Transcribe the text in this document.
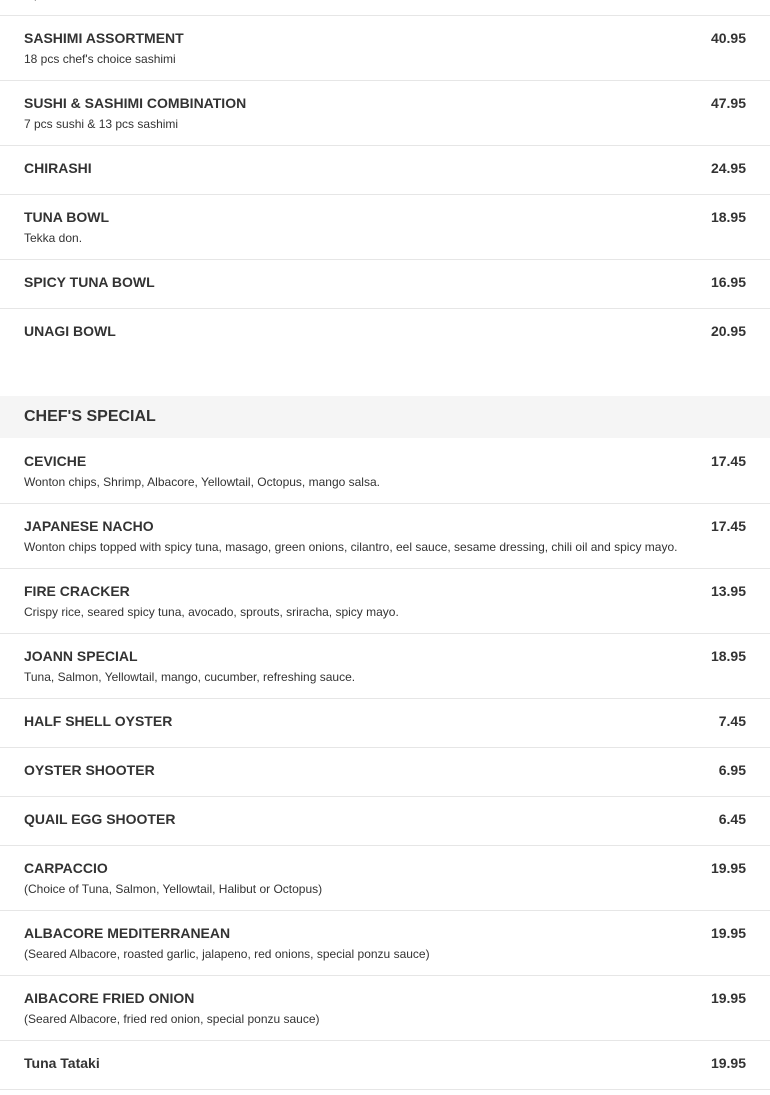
SASHIMI ASSORTMENT	40.95
18 pcs chef's choice sashimi
SUSHI & SASHIMI COMBINATION	47.95
7 pcs sushi & 13 pcs sashimi
CHIRASHI	24.95
TUNA BOWL	18.95
Tekka don.
SPICY TUNA BOWL	16.95
UNAGI BOWL	20.95
CHEF'S SPECIAL
CEVICHE	17.45
Wonton chips, Shrimp, Albacore, Yellowtail, Octopus, mango salsa.
JAPANESE NACHO	17.45
Wonton chips topped with spicy tuna, masago, green onions, cilantro, eel sauce, sesame dressing, chili oil and spicy mayo.
FIRE CRACKER	13.95
Crispy rice, seared spicy tuna, avocado, sprouts, sriracha, spicy mayo.
JOANN SPECIAL	18.95
Tuna, Salmon, Yellowtail, mango, cucumber, refreshing sauce.
HALF SHELL OYSTER	7.45
OYSTER SHOOTER	6.95
QUAIL EGG SHOOTER	6.45
CARPACCIO	19.95
(Choice of Tuna, Salmon, Yellowtail, Halibut or Octopus)
ALBACORE MEDITERRANEAN	19.95
(Seared Albacore, roasted garlic, jalapeno, red onions, special ponzu sauce)
AIBACORE FRIED ONION	19.95
(Seared Albacore, fried red onion, special ponzu sauce)
Tuna Tataki	19.95
